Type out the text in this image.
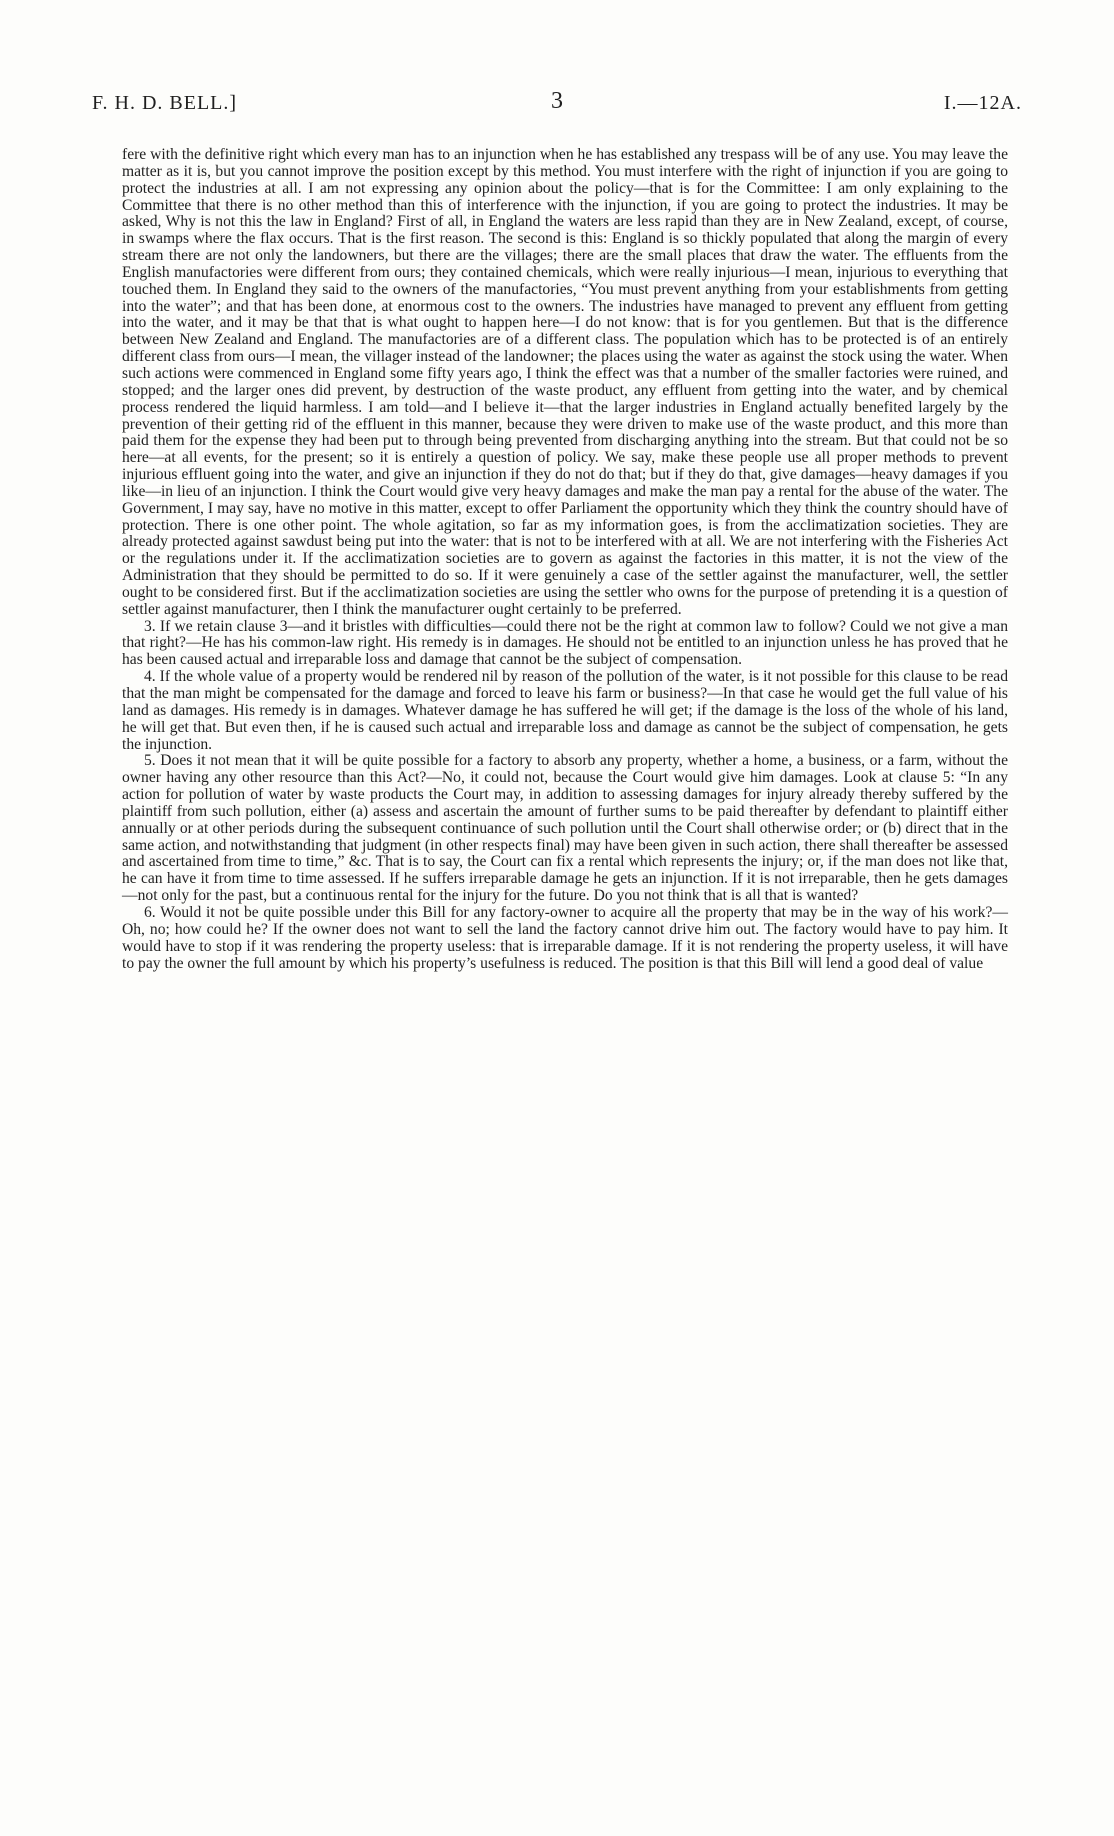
F. H. D. BELL.]	3	I.—12A.

fere with the definitive right which every man has to an injunction when he has established any trespass will be of any use. You may leave the matter as it is, but you cannot improve the position except by this method. You must interfere with the right of injunction if you are going to protect the industries at all. I am not expressing any opinion about the policy—that is for the Committee: I am only explaining to the Committee that there is no other method than this of interference with the injunction, if you are going to protect the industries. It may be asked, Why is not this the law in England? First of all, in England the waters are less rapid than they are in New Zealand, except, of course, in swamps where the flax occurs. That is the first reason. The second is this: England is so thickly populated that along the margin of every stream there are not only the landowners, but there are the villages; there are the small places that draw the water. The effluents from the English manufactories were different from ours; they contained chemicals, which were really injurious—I mean, injurious to everything that touched them. In England they said to the owners of the manufactories, “You must prevent anything from your establishments from getting into the water”; and that has been done, at enormous cost to the owners. The industries have managed to prevent any effluent from getting into the water, and it may be that that is what ought to happen here—I do not know: that is for you gentlemen. But that is the difference between New Zealand and England. The manufactories are of a different class. The population which has to be protected is of an entirely different class from ours—I mean, the villager instead of the landowner; the places using the water as against the stock using the water. When such actions were commenced in England some fifty years ago, I think the effect was that a number of the smaller factories were ruined, and stopped; and the larger ones did prevent, by destruction of the waste product, any effluent from getting into the water, and by chemical process rendered the liquid harmless. I am told—and I believe it—that the larger industries in England actually benefited largely by the prevention of their getting rid of the effluent in this manner, because they were driven to make use of the waste product, and this more than paid them for the expense they had been put to through being prevented from discharging anything into the stream. But that could not be so here—at all events, for the present; so it is entirely a question of policy. We say, make these people use all proper methods to prevent injurious effluent going into the water, and give an injunction if they do not do that; but if they do that, give damages—heavy damages if you like—in lieu of an injunction. I think the Court would give very heavy damages and make the man pay a rental for the abuse of the water. The Government, I may say, have no motive in this matter, except to offer Parliament the opportunity which they think the country should have of protection. There is one other point. The whole agitation, so far as my information goes, is from the acclimatization societies. They are already protected against sawdust being put into the water: that is not to be interfered with at all. We are not interfering with the Fisheries Act or the regulations under it. If the acclimatization societies are to govern as against the factories in this matter, it is not the view of the Administration that they should be permitted to do so. If it were genuinely a case of the settler against the manufacturer, well, the settler ought to be considered first. But if the acclimatization societies are using the settler who owns for the purpose of pretending it is a question of settler against manufacturer, then I think the manufacturer ought certainly to be preferred.

3. If we retain clause 3—and it bristles with difficulties—could there not be the right at common law to follow? Could we not give a man that right?—He has his common-law right. His remedy is in damages. He should not be entitled to an injunction unless he has proved that he has been caused actual and irreparable loss and damage that cannot be the subject of compensation.

4. If the whole value of a property would be rendered nil by reason of the pollution of the water, is it not possible for this clause to be read that the man might be compensated for the damage and forced to leave his farm or business?—In that case he would get the full value of his land as damages. His remedy is in damages. Whatever damage he has suffered he will get; if the damage is the loss of the whole of his land, he will get that. But even then, if he is caused such actual and irreparable loss and damage as cannot be the subject of compensation, he gets the injunction.

5. Does it not mean that it will be quite possible for a factory to absorb any property, whether a home, a business, or a farm, without the owner having any other resource than this Act?—No, it could not, because the Court would give him damages. Look at clause 5: “In any action for pollution of water by waste products the Court may, in addition to assessing damages for injury already thereby suffered by the plaintiff from such pollution, either (a) assess and ascertain the amount of further sums to be paid thereafter by defendant to plaintiff either annually or at other periods during the subsequent continuance of such pollution until the Court shall otherwise order; or (b) direct that in the same action, and notwithstanding that judgment (in other respects final) may have been given in such action, there shall thereafter be assessed and ascertained from time to time,” &c. That is to say, the Court can fix a rental which represents the injury; or, if the man does not like that, he can have it from time to time assessed. If he suffers irreparable damage he gets an injunction. If it is not irreparable, then he gets damages—not only for the past, but a continuous rental for the injury for the future. Do you not think that is all that is wanted?

6. Would it not be quite possible under this Bill for any factory-owner to acquire all the property that may be in the way of his work?—Oh, no; how could he? If the owner does not want to sell the land the factory cannot drive him out. The factory would have to pay him. It would have to stop if it was rendering the property useless: that is irreparable damage. If it is not rendering the property useless, it will have to pay the owner the full amount by which his property’s usefulness is reduced. The position is that this Bill will lend a good deal of value
